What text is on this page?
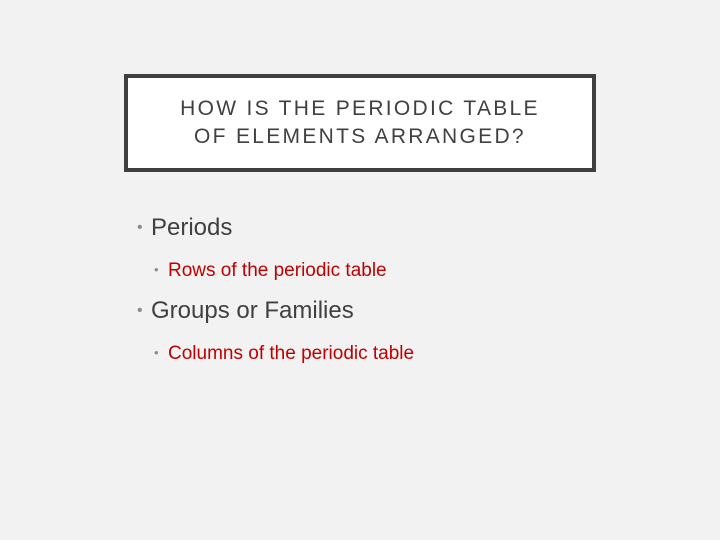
HOW IS THE PERIODIC TABLE
OF ELEMENTS ARRANGED?
• Periods
• Rows of the periodic table
• Groups or Families
• Columns of the periodic table
